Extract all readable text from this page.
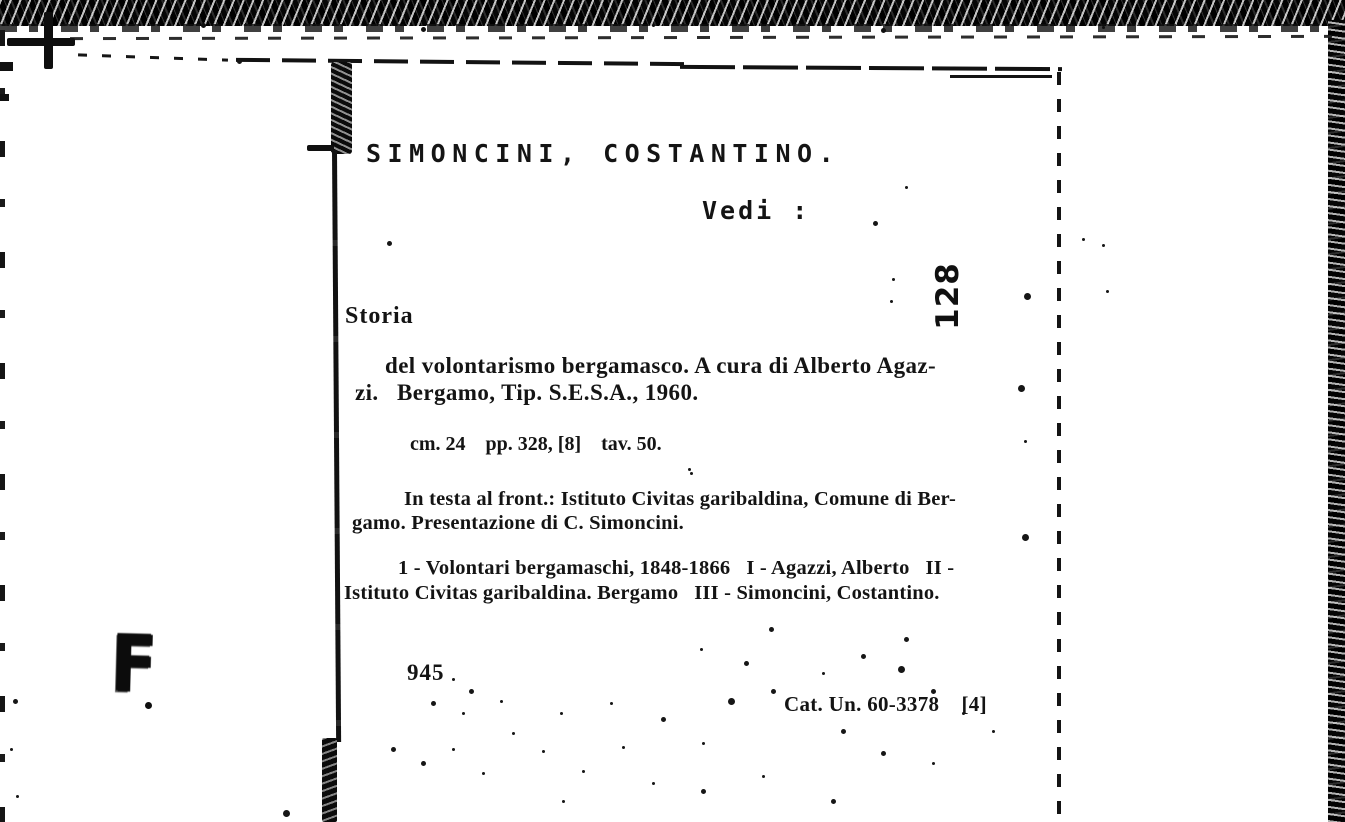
SIMONCINI, COSTANTINO.
Vedi :
Storia
del volontarismo bergamasco. A cura di Alberto Agaz-
zi.   Bergamo, Tip. S.E.S.A., 1960.
cm. 24    pp. 328, [8]    tav. 50.
In testa al front.: Istituto Civitas garibaldina, Comune di Ber-
gamo. Presentazione di C. Simoncini.
1 - Volontari bergamaschi, 1848-1866   I - Agazzi, Alberto   II -
Istituto Civitas garibaldina. Bergamo   III - Simoncini, Costantino.
945
Cat. Un. 60-3378    [4]
128
F
